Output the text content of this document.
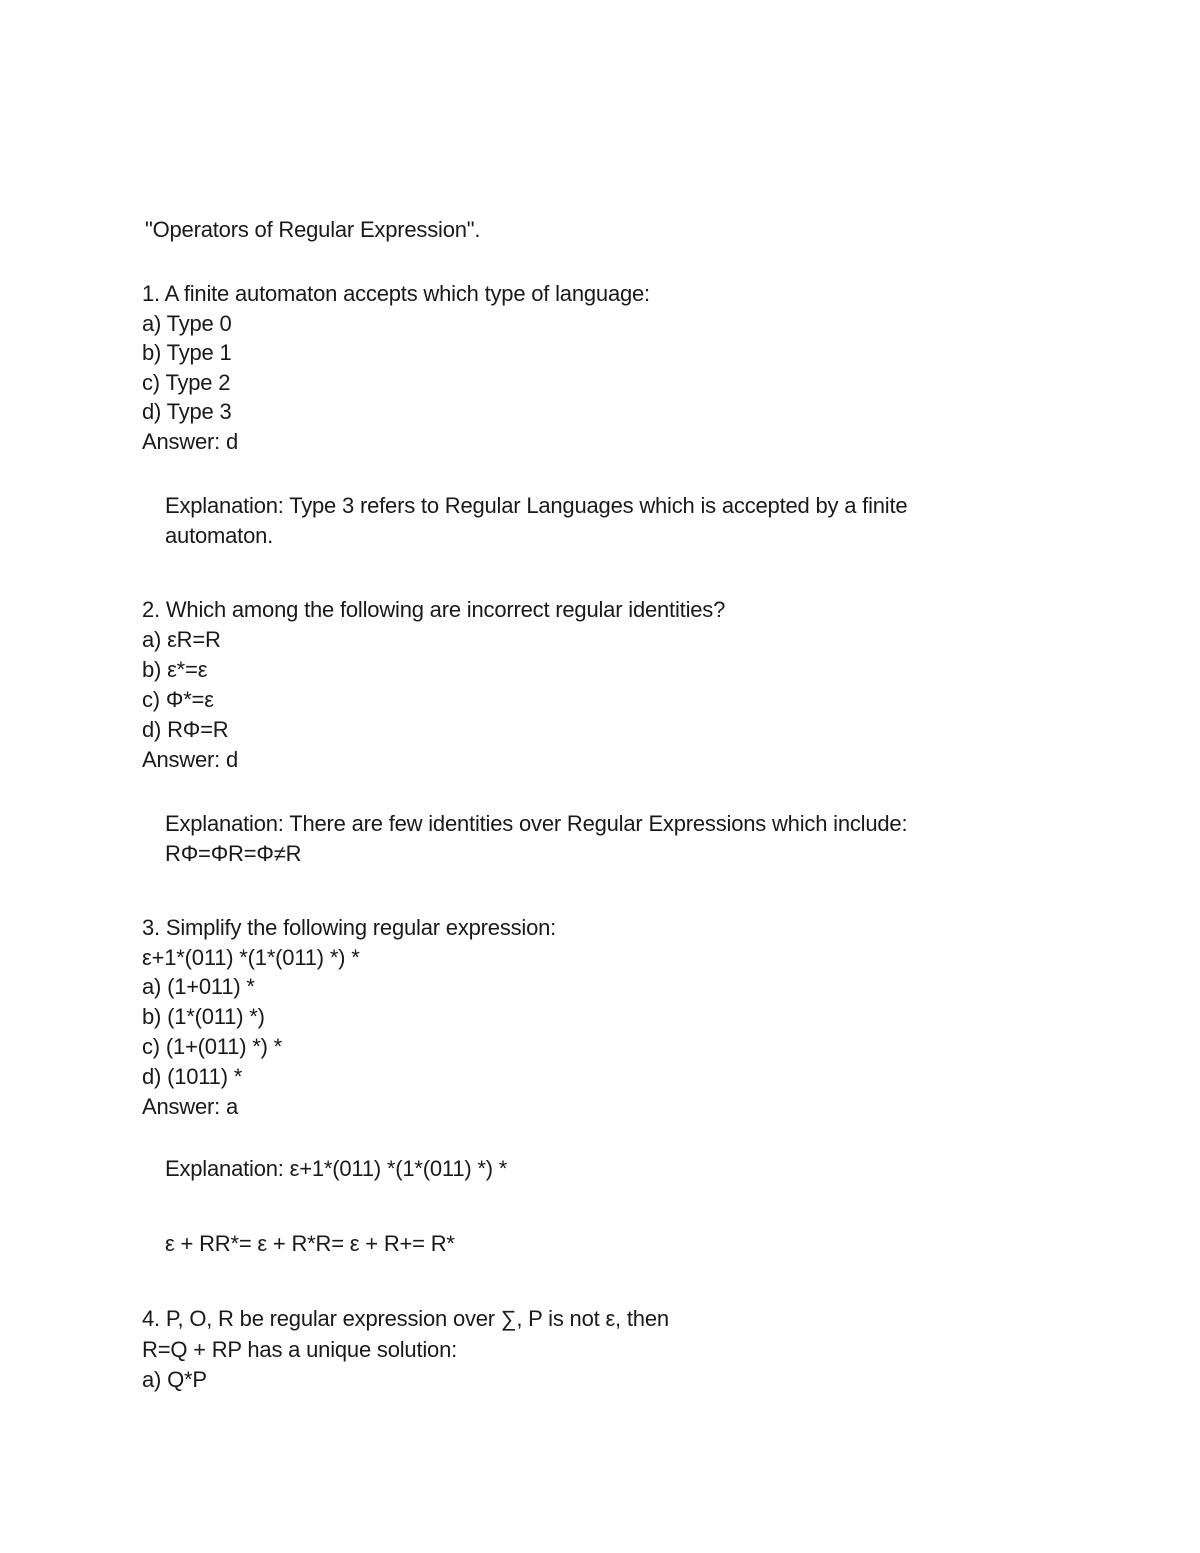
"Operators of Regular Expression".
1. A finite automaton accepts which type of language:
a) Type 0
b) Type 1
c) Type 2
d) Type 3
Answer: d
Explanation: Type 3 refers to Regular Languages which is accepted by a finite
automaton.
2. Which among the following are incorrect regular identities?
a) εR=R
b) ε*=ε
c) Φ*=ε
d) RΦ=R
Answer: d
Explanation: There are few identities over Regular Expressions which include:
RΦ=ΦR=Φ≠R
3. Simplify the following regular expression:
ε+1*(011) *(1*(011) *) *
a) (1+011) *
b) (1*(011) *)
c) (1+(011) *) *
d) (1011) *
Answer: a
Explanation: ε+1*(011) *(1*(011) *) *
ε + RR*= ε + R*R= ε + R+= R*
4. P, O, R be regular expression over ∑, P is not ε, then
R=Q + RP has a unique solution:
a) Q*P
